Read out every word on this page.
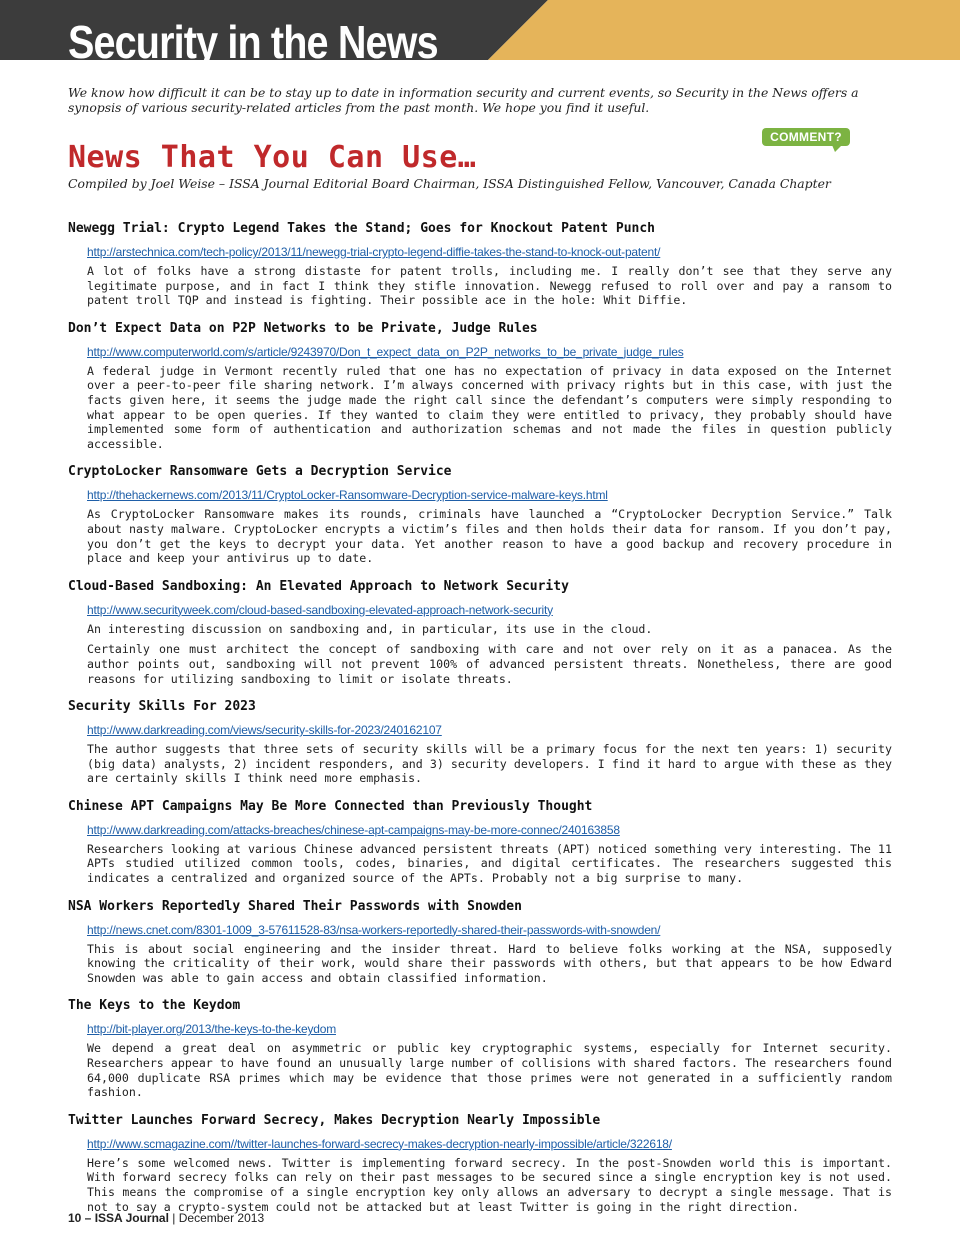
Security in the News

We know how difficult it can be to stay up to date in information security and current events, so Security in the News offers a synopsis of various security-related articles from the past month. We hope you find it useful.

News That You Can Use…
COMMENT?

Compiled by Joel Weise – ISSA Journal Editorial Board Chairman, ISSA Distinguished Fellow, Vancouver, Canada Chapter

Newegg Trial: Crypto Legend Takes the Stand; Goes for Knockout Patent Punch
http://arstechnica.com/tech-policy/2013/11/newegg-trial-crypto-legend-diffie-takes-the-stand-to-knock-out-patent/

A lot of folks have a strong distaste for patent trolls, including me. I really don’t see that they serve any legitimate purpose, and in fact I think they stifle innovation. Newegg refused to roll over and pay a ransom to patent troll TQP and instead is fighting. Their possible ace in the hole: Whit Diffie.

Don’t Expect Data on P2P Networks to be Private, Judge Rules
http://www.computerworld.com/s/article/9243970/Don_t_expect_data_on_P2P_networks_to_be_private_judge_rules

A federal judge in Vermont recently ruled that one has no expectation of privacy in data exposed on the Internet over a peer-to-peer file sharing network. I’m always concerned with privacy rights but in this case, with just the facts given here, it seems the judge made the right call since the defendant’s computers were simply responding to what appear to be open queries. If they wanted to claim they were entitled to privacy, they probably should have implemented some form of authentication and authorization schemas and not made the files in question publicly accessible.

CryptoLocker Ransomware Gets a Decryption Service
http://thehackernews.com/2013/11/CryptoLocker-Ransomware-Decryption-service-malware-keys.html

As CryptoLocker Ransomware makes its rounds, criminals have launched a “CryptoLocker Decryption Service.” Talk about nasty malware. CryptoLocker encrypts a victim’s files and then holds their data for ransom. If you don’t pay, you don’t get the keys to decrypt your data. Yet another reason to have a good backup and recovery procedure in place and keep your antivirus up to date.

Cloud-Based Sandboxing: An Elevated Approach to Network Security
http://www.securityweek.com/cloud-based-sandboxing-elevated-approach-network-security

An interesting discussion on sandboxing and, in particular, its use in the cloud.

Certainly one must architect the concept of sandboxing with care and not over rely on it as a panacea. As the author points out, sandboxing will not prevent 100% of advanced persistent threats. Nonetheless, there are good reasons for utilizing sandboxing to limit or isolate threats.

Security Skills For 2023
http://www.darkreading.com/views/security-skills-for-2023/240162107

The author suggests that three sets of security skills will be a primary focus for the next ten years: 1) security (big data) analysts, 2) incident responders, and 3) security developers. I find it hard to argue with these as they are certainly skills I think need more emphasis.

Chinese APT Campaigns May Be More Connected than Previously Thought
http://www.darkreading.com/attacks-breaches/chinese-apt-campaigns-may-be-more-connec/240163858

Researchers looking at various Chinese advanced persistent threats (APT) noticed something very interesting. The 11 APTs studied utilized common tools, codes, binaries, and digital certificates. The researchers suggested this indicates a centralized and organized source of the APTs. Probably not a big surprise to many.

NSA Workers Reportedly Shared Their Passwords with Snowden
http://news.cnet.com/8301-1009_3-57611528-83/nsa-workers-reportedly-shared-their-passwords-with-snowden/

This is about social engineering and the insider threat. Hard to believe folks working at the NSA, supposedly knowing the criticality of their work, would share their passwords with others, but that appears to be how Edward Snowden was able to gain access and obtain classified information.

The Keys to the Keydom
http://bit-player.org/2013/the-keys-to-the-keydom

We depend a great deal on asymmetric or public key cryptographic systems, especially for Internet security. Researchers appear to have found an unusually large number of collisions with shared factors. The researchers found 64,000 duplicate RSA primes which may be evidence that those primes were not generated in a sufficiently random fashion.

Twitter Launches Forward Secrecy, Makes Decryption Nearly Impossible
http://www.scmagazine.com//twitter-launches-forward-secrecy-makes-decryption-nearly-impossible/article/322618/

Here’s some welcomed news. Twitter is implementing forward secrecy. In the post-Snowden world this is important. With forward secrecy folks can rely on their past messages to be secured since a single encryption key is not used. This means the compromise of a single encryption key only allows an adversary to decrypt a single message. That is not to say a crypto-system could not be attacked but at least Twitter is going in the right direction.

10 – ISSA Journal | December 2013
